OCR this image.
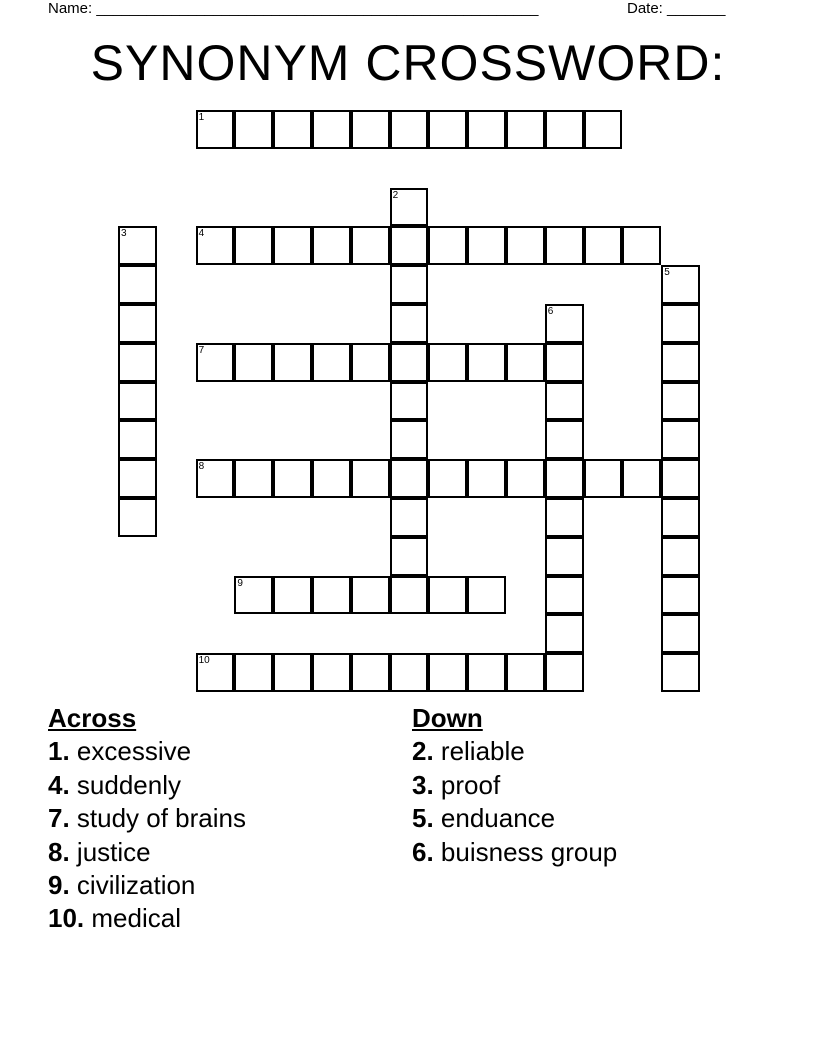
Name: _____________________________________________________	Date: _______
SYNONYM CROSSWORD:
1
2
3	4
5
6
7
8
9
10
Across
1. excessive
4. suddenly
7. study of brains
8. justice
9. civilization
10. medical
Down
2. reliable
3. proof
5. enduance
6. buisness group
